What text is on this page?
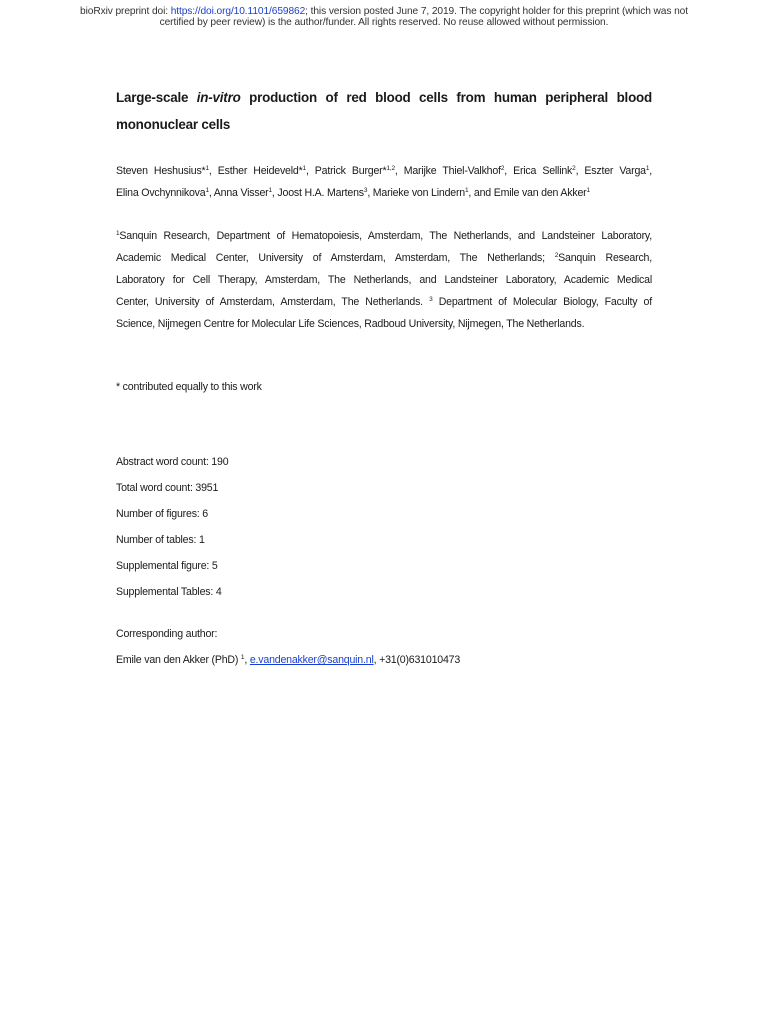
bioRxiv preprint doi: https://doi.org/10.1101/659862; this version posted June 7, 2019. The copyright holder for this preprint (which was not
certified by peer review) is the author/funder. All rights reserved. No reuse allowed without permission.
Large-scale in-vitro production of red blood cells from human peripheral blood
mononuclear cells
Steven Heshusius*$^1$, Esther Heideveld*$^1$, Patrick Burger*$^{1,2}$, Marijke Thiel-Valkhof$^2$, Erica Sellink$^2$, Eszter Varga$^1$,
Elina Ovchynnikova$^1$, Anna Visser$^1$, Joost H.A. Martens$^3$, Marieke von Lindern$^1$, and Emile van den Akker$^1$
$^1$Sanquin Research, Department of Hematopoiesis, Amsterdam, The Netherlands, and Landsteiner Laboratory,
Academic Medical Center, University of Amsterdam, Amsterdam, The Netherlands; $^2$Sanquin Research,
Laboratory for Cell Therapy, Amsterdam, The Netherlands, and Landsteiner Laboratory, Academic Medical
Center, University of Amsterdam, Amsterdam, The Netherlands. $^3$ Department of Molecular Biology, Faculty of
Science, Nijmegen Centre for Molecular Life Sciences, Radboud University, Nijmegen, The Netherlands.
* contributed equally to this work
Abstract word count: 190
Total word count: 3951
Number of figures: 6
Number of tables: 1
Supplemental figure: 5
Supplemental Tables: 4
Corresponding author:
Emile van den Akker (PhD) $^1$, e.vandenakker@sanquin.nl, +31(0)631010473
